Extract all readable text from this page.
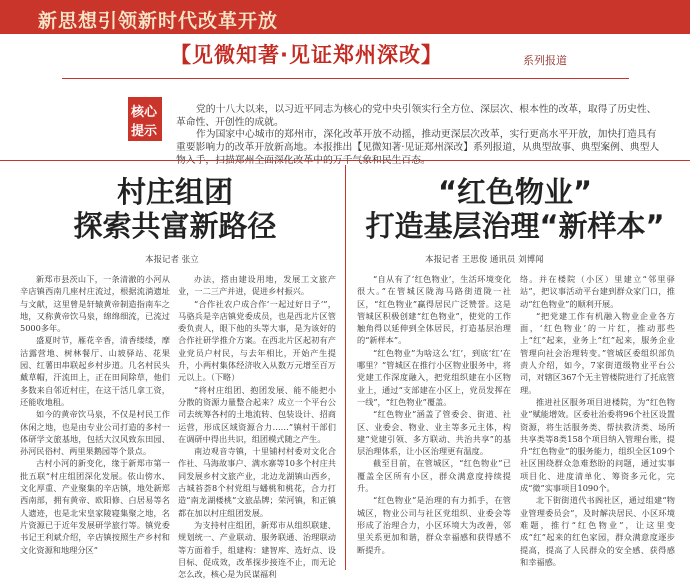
新思想引领新时代改革开放
【见微知著·见证郑州深改】	系列报道
核心
提示
党的十八大以来，以习近平同志为核心的党中央引领实行全方位、深层次、根本性的改革，取得了历史性、革命性、开创性的成就。
作为国家中心城市的郑州市，深化改革开放不动摇，推动更深层次改革，实行更高水平开放，加快打造具有重要影响力的改革开放新高地。本报推出【见微知著·见证郑州深改】系列报道，从典型故事、典型案例、典型人
村庄组团
探索共富新路径
本报记者 张立

新郑市县茨山下，一条清澈的小河从辛店镇西南几座村庄流过，根据流淌遗址与文献，这里曾是轩辕黄帝制造指南车之地，又称黄帝饮马泉，绵绵细流，已流过5000多年。

盛夏时节，雁花辛香，清香缕缕，摩沽露营地、树林餐厅、山坡驿站、花果园、红薯田串联起乡村步道。几名村民头戴草帽，汗流田上，正在田间除草，他们多数来自邻近村庄，在这干活几拿工资，还能收地租。

如今的黄帝饮马泉，不仅是村民工作休闲之地，也是由专业公司打造的多村一体研学文旅基地，包括大汉风致东田园、孙河民俗村、两里果鹅园等个景点。

古村小河的新变化，缘于新郑市第一批五联“村庄组团深化发展。依山傍水、文化厚重、产业聚集的辛店镇，地处新郑西南部，拥有黄帝、欧阳修、白居易等名人遗迹，也是北宋皇家陵寝集聚之地，名片资源已于近年发展研学旅行等。镇党委书记王利斌介绍，辛店镇按照生产乡村和文化资源和地理分区”

办法，搭由建设用地，发展工文旅产业，一二三产并进，促进乡村振兴。

“合作社农户成合作‘一起过好日子’”，马骆兵是辛店镇党委成员，也是西北片区管委负责人，眼下他的头等大事，是为该好的合作社研学推介方案。在西北片区起初有产业党员户村民，与去年相比，开始产生提升，小两村集体经济收入从数万元增至百万元以上。（下略）

“将村庄组团、抱团发展、能不能把小分散的资源力量整合起来？成立一个平台公司去统筹各村的土地流转、包装设计、招商运营，形成区域资源合力……”镇村干部们在调研中得出共识，组团模式随之产生。

南边观音寺镇，十里铺村村委对文化合作社、马海故事户、满水寨等10多个村庄共同发展乡村文旅产业，北边龙湖镇山西乡，古城苔荟8个村党组与蟠桃和桃花，合力打造“南龙湖楼桃”文旅品牌；荣河镇，和正镇都在加以村庄组团发展。

为支持村庄组团，新郑市从组织联建、规划统一、产业联动、服务联通、治理联动等方面着手，组建构：建智库、选好点、设目标、促成效，改革探步接连不止，而无论怎么改，核心是为民谋福利

“红色物业”
打造基层治理“新样本”
本报记者 王思俊 通讯员 刘博闻

“自从有了‘红色物业’，生活环境变化很大。”在管城区陇海马路街道陇一社区，“红色物业”赢得居民广泛赞誉。这是管城区积极创建“红色物业”，使党的工作触角得以延伸到全体居民，打造基层治理的“新样本”。

“红色物业”为啥这么‘红’，到底‘红’在哪里？”管城区在推行小区物业服务中，将党建工作深度融入，把党组织建在小区物业上，通过“支部建在小区上，党员发挥在一线”，“红色物业”覆盖。

“红色物业”涵盖了管委会、街道、社区、业委会、物业、业主等多元主体，构建“党建引领、多方联动、共治共享”的基层治理体系，让小区治理更有温度。

截至目前，在管城区，“红色物业”已覆盖全区所有小区，群众满意度持续提升。

“红色物业”是治理的有力抓手，在管城区，物业公司与社区党组织、业委会等形成了治理合力，小区环境大为改善，邻里关系更加和谐，群众幸福感和获得感不断提升。

络。并在楼院（小区）里建立“邻里驿站”，把议事活动平台建到群众家门口，推动“红色物业”的顺利开展。

“把党建工作有机融入物业企业各方面，‘红色物业’的一片红，推动那些上“红”起来，业务上“红”起来，服务企业管理向社会治理转变。”管城区委组织部负责人介绍，如今，7家街道级物业平台公司，对辖区367个无主管楼院进行了托底管理。

推进社区服务项目进楼院，为“红色物业”赋能增效。区委社治委将96个社区设置资源，将生活服务类、帮扶救济类、场所共享类等8类158个项目纳入管理台账，提升“红色物业”的服务能力，组织全区109个社区围绕群众急难愁盼的问题，通过实事项目化、进度清单化、筹资多元化，完成“微”实事项目1090个。

北下街街道代书阁社区，通过组建“物业管理委员会”，及时解决居民、小区环境难题，推行“红色物业”，让这里变成“红”起来的红色家园，群众满意度逐步提高，提高了人民群众的安全感、获得感和幸福感。
